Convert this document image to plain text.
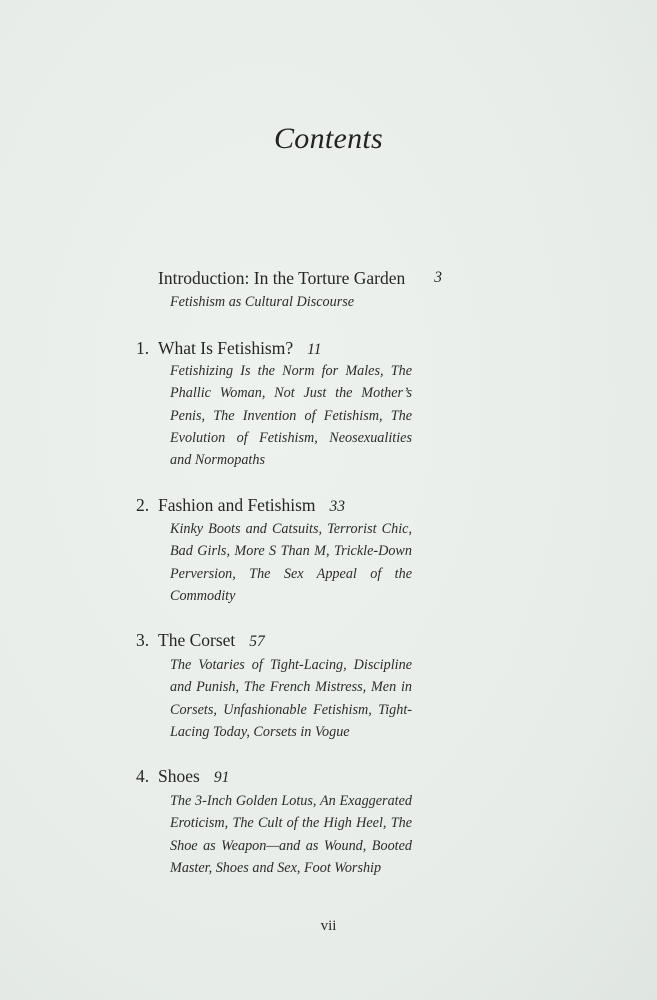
Contents
Introduction: In the Torture Garden 3
Fetishism as Cultural Discourse
1. What Is Fetishism? 11
Fetishizing Is the Norm for Males, The Phallic Woman, Not Just the Mother’s Penis, The Invention of Fetishism, The Evolution of Fetishism, Neosexualities and Normopaths
2. Fashion and Fetishism 33
Kinky Boots and Catsuits, Terrorist Chic, Bad Girls, More S Than M, Trickle-Down Perversion, The Sex Appeal of the Commodity
3. The Corset 57
The Votaries of Tight-Lacing, Discipline and Punish, The French Mistress, Men in Corsets, Unfashionable Fetishism, Tight-Lacing Today, Corsets in Vogue
4. Shoes 91
The 3-Inch Golden Lotus, An Exaggerated Eroticism, The Cult of the High Heel, The Shoe as Weapon—and as Wound, Booted Master, Shoes and Sex, Foot Worship
vii
